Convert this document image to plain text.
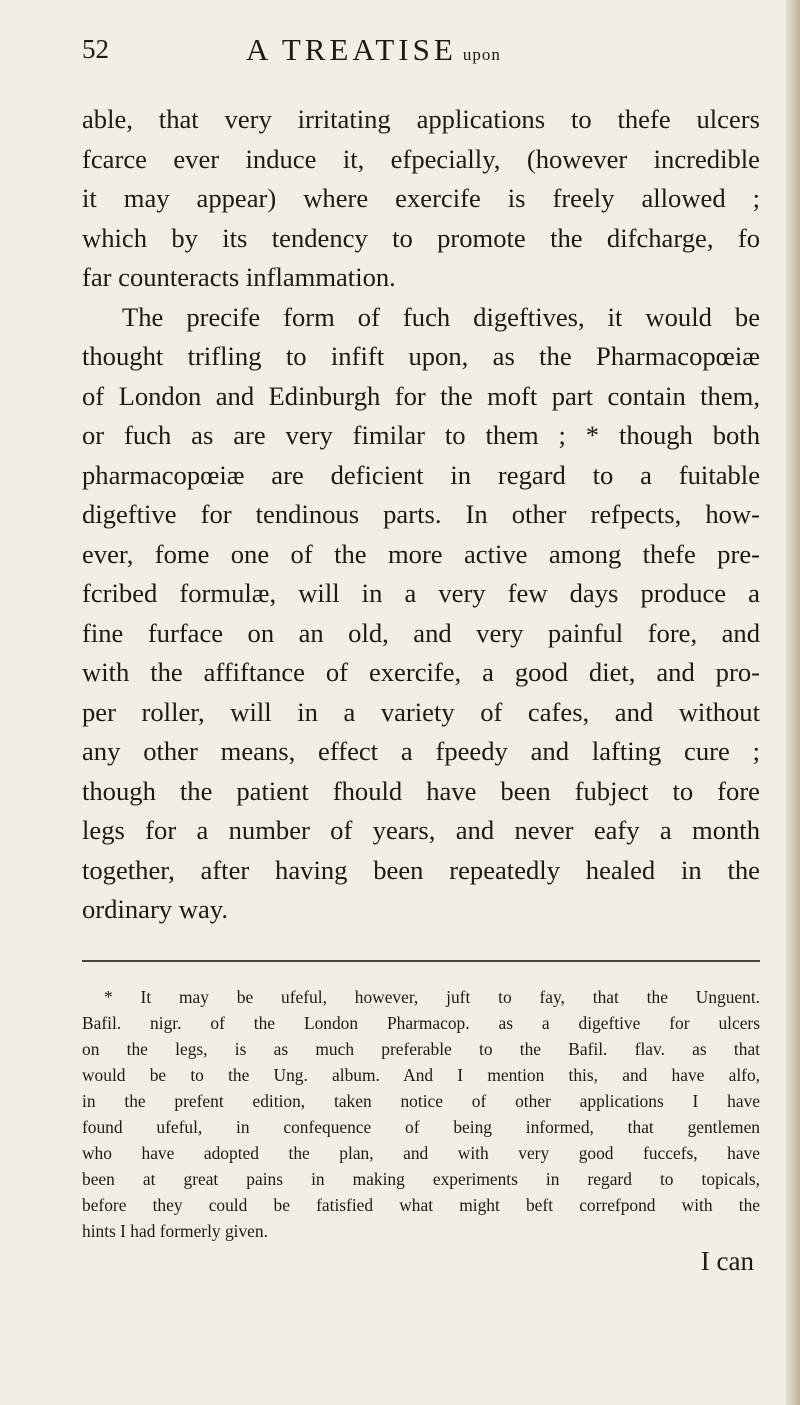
52	A TREATISE upon
able, that very irritating applications to thefe ulcers
fcarce ever induce it, efpecially, (however incredible
it may appear) where exercife is freely allowed ;
which by its tendency to promote the difcharge, fo
far counteracts inflammation.
The precife form of fuch digeftives, it would be
thought trifling to infift upon, as the Pharmacopœiæ
of London and Edinburgh for the moft part contain them,
or fuch as are very fimilar to them ; * though both
pharmacopœiæ are deficient in regard to a fuitable
digeftive for tendinous parts. In other refpects, how-
ever, fome one of the more active among thefe pre-
fcribed formulæ, will in a very few days produce a
fine furface on an old, and very painful fore, and
with the affiftance of exercife, a good diet, and pro-
per roller, will in a variety of cafes, and without
any other means, effect a fpeedy and lafting cure ;
though the patient fhould have been fubject to fore
legs for a number of years, and never eafy a month
together, after having been repeatedly healed in the
ordinary way.
* It may be ufeful, however, juft to fay, that the Unguent.
Bafil. nigr. of the London Pharmacop. as a digeftive for ulcers
on the legs, is as much preferable to the Bafil. flav. as that
would be to the Ung. album. And I mention this, and have alfo,
in the prefent edition, taken notice of other applications I have
found ufeful, in confequence of being informed, that gentlemen
who have adopted the plan, and with very good fuccefs, have
been at great pains in making experiments in regard to topicals,
before they could be fatisfied what might beft correfpond with the
hints I had formerly given.
I can
